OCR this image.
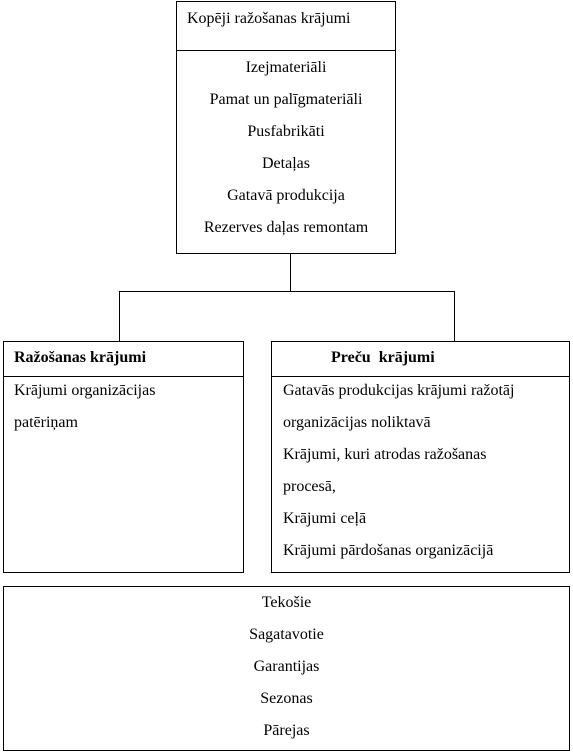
Kopēji ražošanas krājumi
Izejmateriāli
Pamat un palīgmateriāli
Pusfabrikāti
Detaļas
Gatavā produkcija
Rezerves daļas remontam
Ražošanas krājumi
Krājumi organizācijas
patēriņam
Preču  krājumi
Gatavās produkcijas krājumi ražotāj
organizācijas noliktavā
Krājumi, kuri atrodas ražošanas
procesā,
Krājumi ceļā
Krājumi pārdošanas organizācijā
Tekošie
Sagatavotie
Garantijas
Sezonas
Pārejas
